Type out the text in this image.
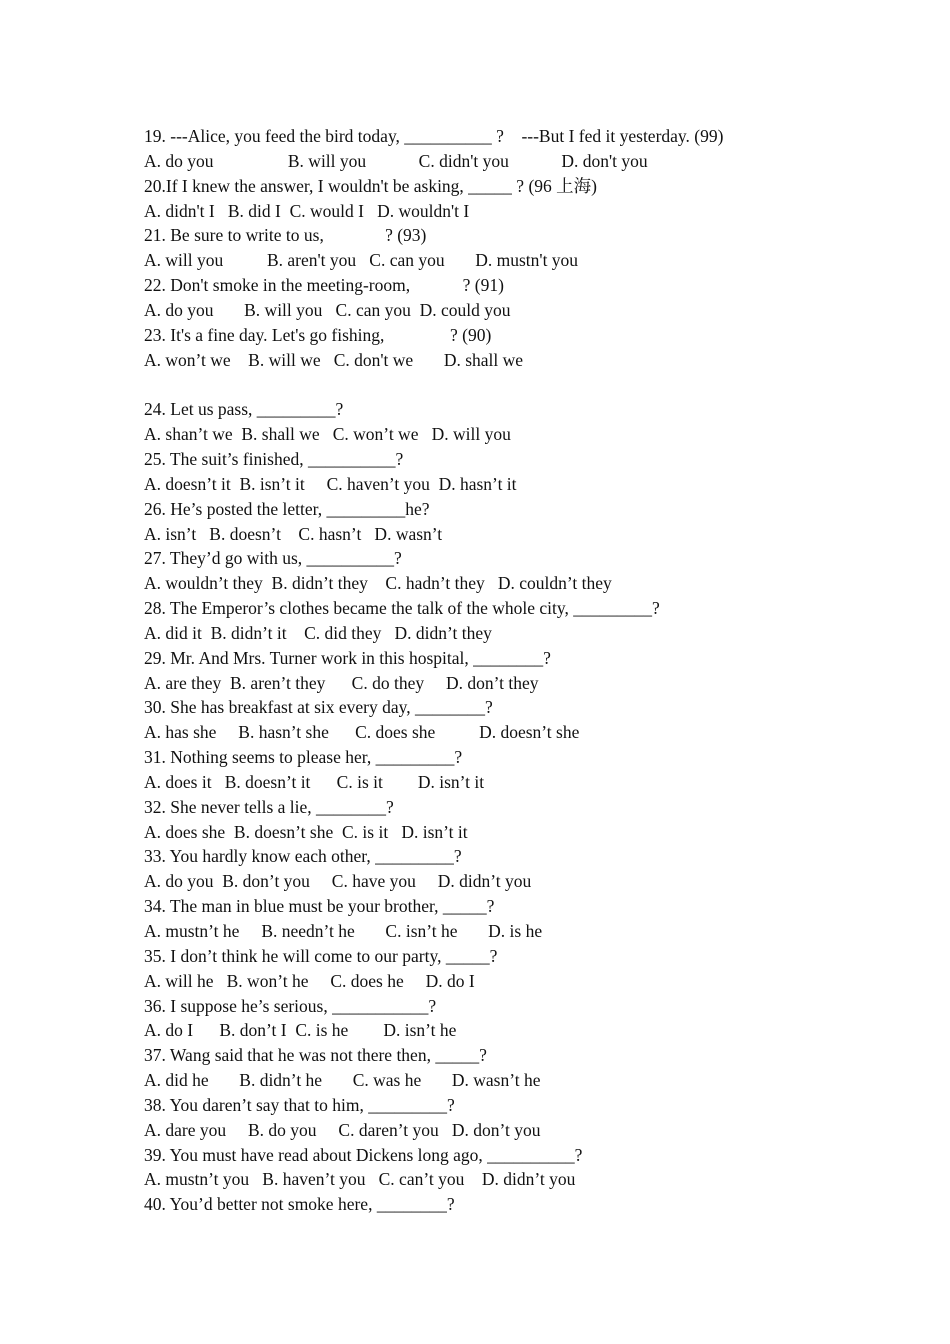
19. ---Alice, you feed the bird today, __________ ?    ---But I fed it yesterday. (99)
A. do you                 B. will you            C. didn't you            D. don't you
20.If I knew the answer, I wouldn't be asking, _____ ? (96 上海)
A. didn't I   B. did I  C. would I   D. wouldn't I
21. Be sure to write to us,              ? (93)
A. will you          B. aren't you   C. can you       D. mustn't you
22. Don't smoke in the meeting-room,            ? (91)
A. do you       B. will you   C. can you  D. could you
23. It's a fine day. Let's go fishing,               ? (90)
A. won’t we    B. will we   C. don't we       D. shall we
24. Let us pass, _________?
A. shan’t we  B. shall we   C. won’t we   D. will you
25. The suit’s finished, __________?
A. doesn’t it  B. isn’t it     C. haven’t you  D. hasn’t it
26. He’s posted the letter, _________he?
A. isn’t   B. doesn’t    C. hasn’t   D. wasn’t
27. They’d go with us, __________?
A. wouldn’t they  B. didn’t they    C. hadn’t they   D. couldn’t they
28. The Emperor’s clothes became the talk of the whole city, _________?
A. did it  B. didn’t it    C. did they   D. didn’t they
29. Mr. And Mrs. Turner work in this hospital, ________?
A. are they  B. aren’t they      C. do they     D. don’t they
30. She has breakfast at six every day, ________?
A. has she     B. hasn’t she      C. does she          D. doesn’t she
31. Nothing seems to please her, _________?
A. does it   B. doesn’t it      C. is it        D. isn’t it
32. She never tells a lie, ________?
A. does she  B. doesn’t she  C. is it   D. isn’t it
33. You hardly know each other, _________?
A. do you  B. don’t you     C. have you     D. didn’t you
34. The man in blue must be your brother, _____?
A. mustn’t he     B. needn’t he       C. isn’t he       D. is he
35. I don’t think he will come to our party, _____?
A. will he   B. won’t he     C. does he     D. do I
36. I suppose he’s serious, ___________?
A. do I      B. don’t I  C. is he        D. isn’t he
37. Wang said that he was not there then, _____?
A. did he       B. didn’t he       C. was he       D. wasn’t he
38. You daren’t say that to him, _________?
A. dare you     B. do you     C. daren’t you   D. don’t you
39. You must have read about Dickens long ago, __________?
A. mustn’t you   B. haven’t you   C. can’t you    D. didn’t you
40. You’d better not smoke here, ________?
